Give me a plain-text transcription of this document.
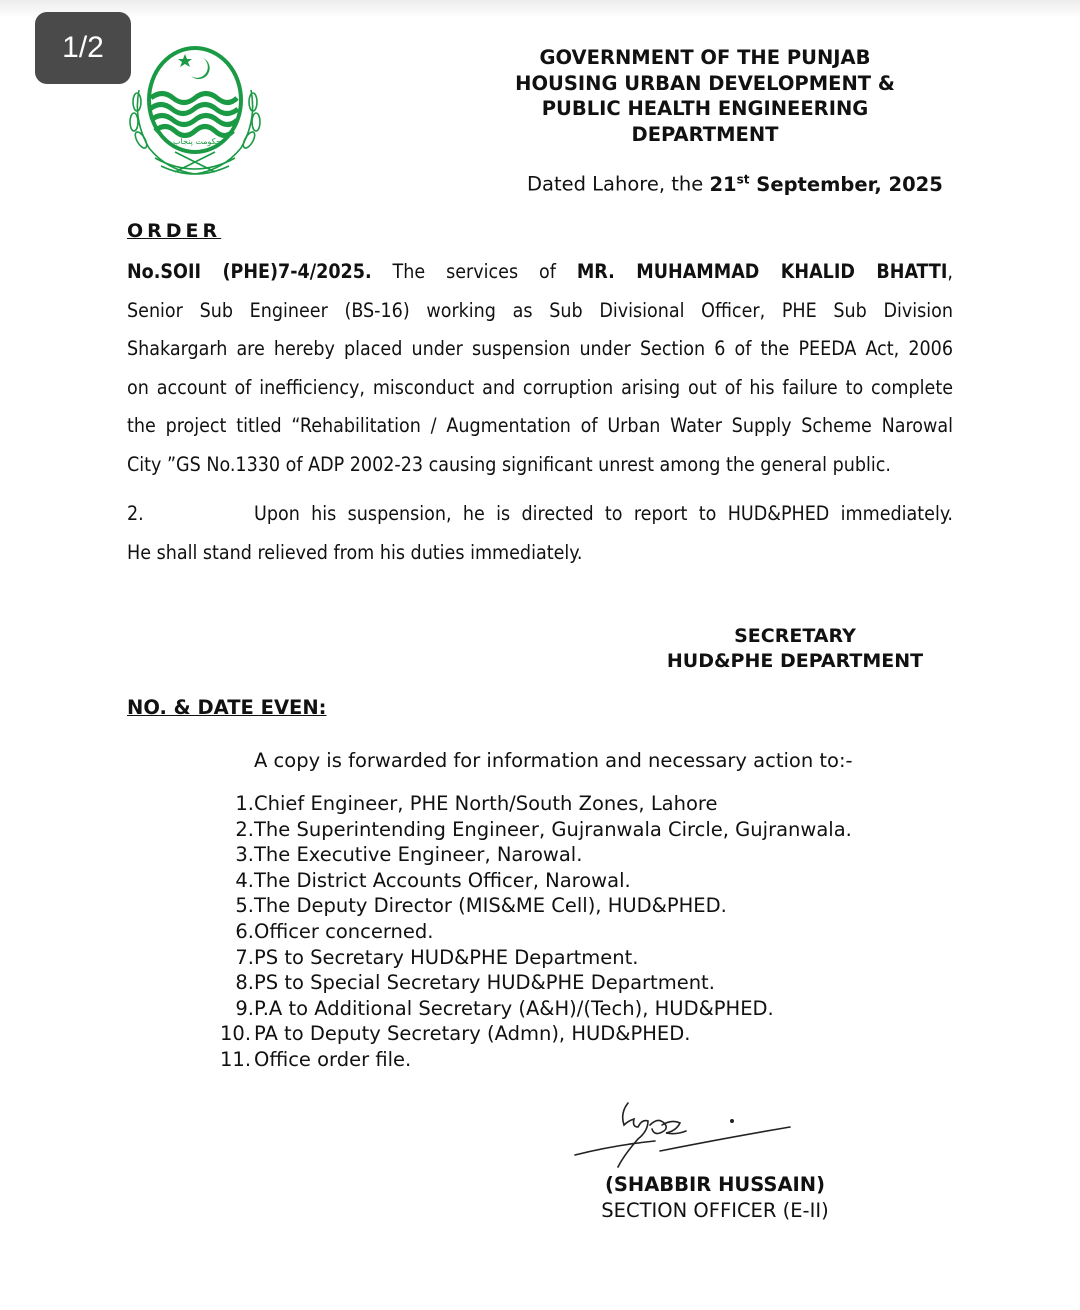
1/2
حکومت پنجاب
GOVERNMENT OF THE PUNJAB
HOUSING URBAN DEVELOPMENT &
PUBLIC HEALTH ENGINEERING
DEPARTMENT
Dated Lahore, the 21st September, 2025
ORDER
No.SOII (PHE)7-4/2025. The services of MR. MUHAMMAD KHALID BHATTI,
Senior Sub Engineer (BS-16) working as Sub Divisional Officer, PHE Sub Division
Shakargarh are hereby placed under suspension under Section 6 of the PEEDA Act, 2006
on account of inefficiency, misconduct and corruption arising out of his failure to complete
the project titled “Rehabilitation / Augmentation of Urban Water Supply Scheme Narowal
City ”GS No.1330 of ADP 2002-23 causing significant unrest among the general public.
2.	Upon his suspension, he is directed to report to HUD&PHED immediately.
He shall stand relieved from his duties immediately.
SECRETARY
HUD&PHE DEPARTMENT
NO. & DATE EVEN:
A copy is forwarded for information and necessary action to:-
1. Chief Engineer, PHE North/South Zones, Lahore
2. The Superintending Engineer, Gujranwala Circle, Gujranwala.
3. The Executive Engineer, Narowal.
4. The District Accounts Officer, Narowal.
5. The Deputy Director (MIS&ME Cell), HUD&PHED.
6. Officer concerned.
7. PS to Secretary HUD&PHE Department.
8. PS to Special Secretary HUD&PHE Department.
9. P.A to Additional Secretary (A&H)/(Tech), HUD&PHED.
10. PA to Deputy Secretary (Admn), HUD&PHED.
11. Office order file.
(SHABBIR HUSSAIN)
SECTION OFFICER (E-II)
